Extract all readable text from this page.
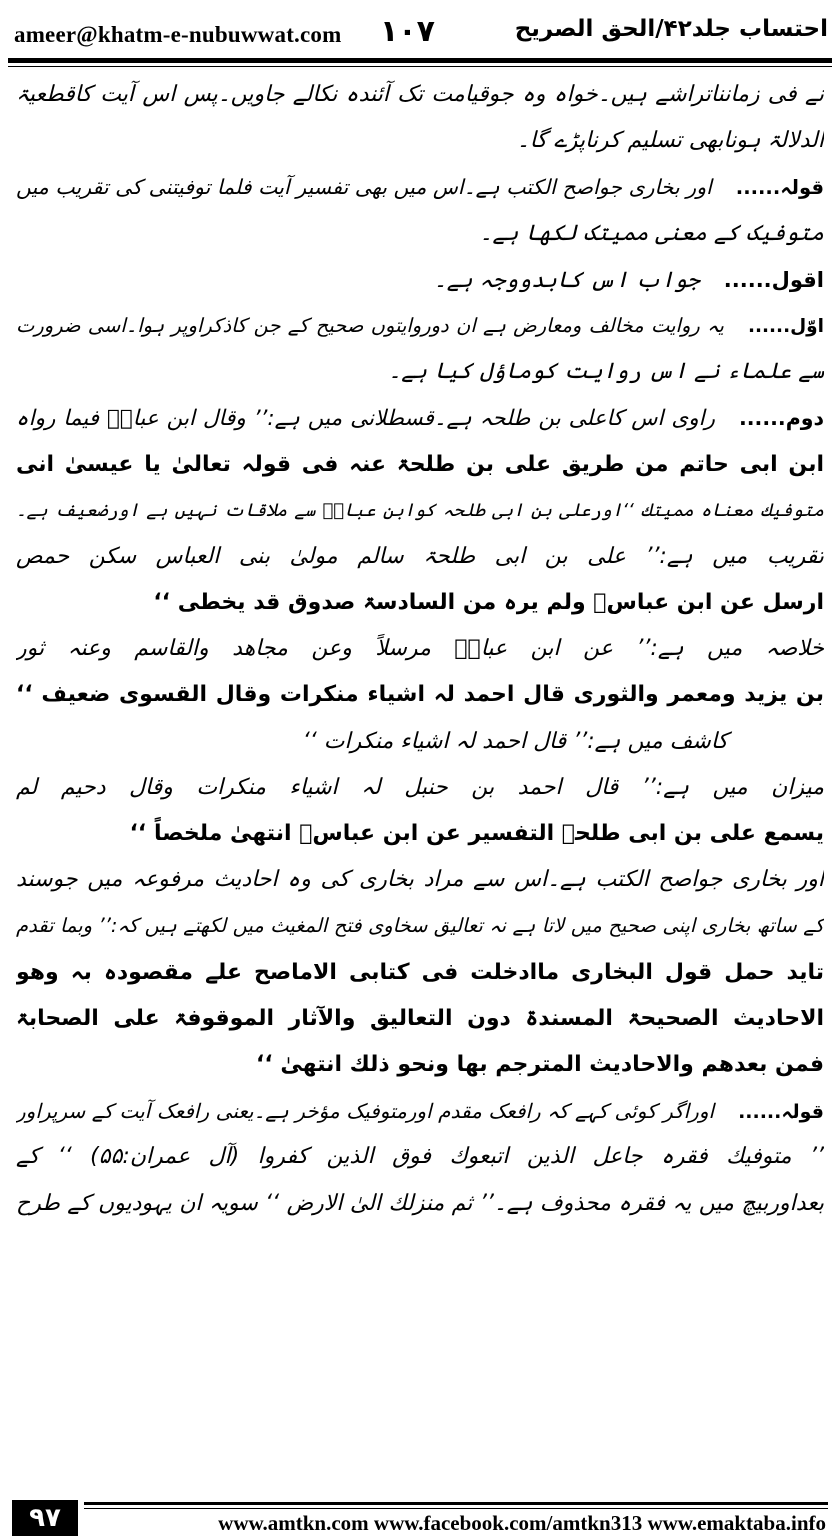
ameer@khatm-e-nubuwwat.com ۱۰۷	احتساب جلد۴۲/الحق الصریح
نے فی زمانناتراشے ہیں۔خواہ وہ جوقیامت تک آئندہ نکالے جاویں۔پس اس آیت کاقطعیۃ
الدلالۃ ہونابھی تسلیم کرناپڑے گا۔
قولہ......اور بخاری جواصح الکتب ہے۔اس میں بھی تفسیر آیت فلما توفیتنی کی تقریب میں
متوفیک کے معنی ممیتک لکھا ہے۔
اقول......جواب اس کابدووجہ ہے۔
اوّل......یہ روایت مخالف ومعارض ہے ان دوروایتوں صحیح کے جن کاذکراوپر ہوا۔اسی ضرورت
سے علماء نے اس روایت کوماؤل کیا ہے۔
دوم......راوی اس کاعلی بن طلحہ ہے۔قسطلانی میں ہے:’’ وقال ابن عباسؓ فیما رواہ
ابن ابی حاتم من طریق علی بن طلحۃ عنہ فی قولہ تعالیٰ یا عیسیٰ انی
متوفیك معناہ ممیتك ‘‘اورعلی بن ابی طلحہ کوابن عباسؓ سے ملاقات نہیں ہے اورضعیف ہے۔
تقریب میں ہے:’’ علی بن ابی طلحۃ سالم مولیٰ بنی العباس سکن حمص
ارسل عن ابن عباسؓ ولم یرہ من السادسۃ صدوق قد یخطی ‘‘
خلاصہ میں ہے:’’ عن ابن عباسؓ مرسلاً وعن مجاهد والقاسم وعنہ ثور
بن یزید ومعمر والثوری قال احمد لہ اشیاء منکرات وقال القسوی ضعیف ‘‘
کاشف میں ہے:’’ قال احمد لہ اشیاء منکرات ‘‘
میزان میں ہے:’’ قال احمد بن حنبل لہ اشیاء منکرات وقال دحیم لم
یسمع علی بن ابی طلحۃ التفسیر عن ابن عباسؓ انتھیٰ ملخصاً ‘‘
اور بخاری جواصح الکتب ہے۔اس سے مراد بخاری کی وہ احادیث مرفوعہ میں جوسند
کے ساتھ بخاری اپنی صحیح میں لاتا ہے نہ تعالیق سخاوی فتح المغیث میں لکھتے ہیں کہ:’’ وبما تقدم
تاید حمل قول البخاری ماادخلت فی کتابی الاماصح علے مقصودہ بہ وھو
الاحادیث الصحیحۃ المسندۃ دون التعالیق والآثار الموقوفۃ علی الصحابۃ
فمن بعدھم والاحادیث المترجم بھا ونحو ذلك انتھیٰ ‘‘
قولہ......اوراگر کوئی کہے کہ رافعک مقدم اورمتوفیک مؤخر ہے۔یعنی رافعک آیت کے سرپراور
’’ متوفیك فقرہ جاعل الذین اتبعوك فوق الذین کفروا (آل عمران:۵۵) ‘‘ کے
بعداوربیچ میں یہ فقرہ محذوف ہے۔’’ ثم منزلك الیٰ الارض ‘‘ سویہ ان یہودیوں کے طرح
۹۷	www.amtkn.com www.facebook.com/amtkn313 www.emaktaba.info
